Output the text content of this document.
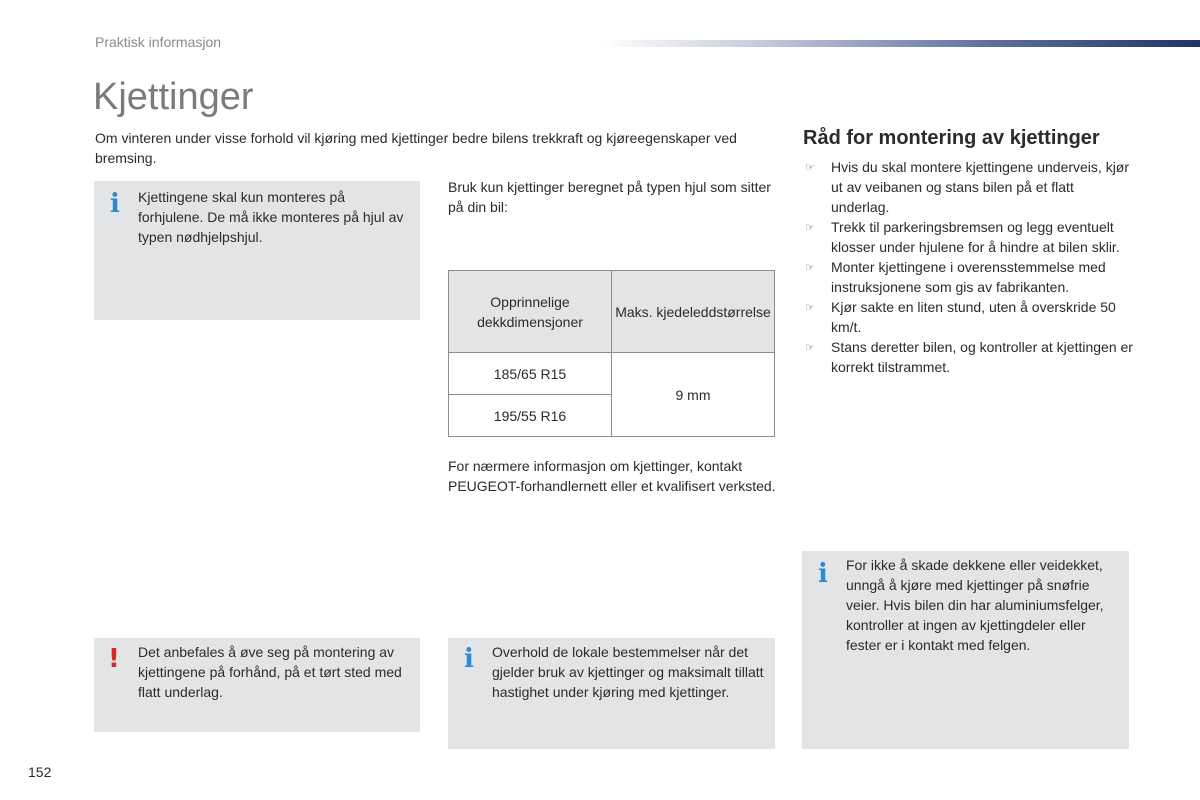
Praktisk informasjon
Kjettinger
Om vinteren under visse forhold vil kjøring med kjettinger bedre bilens trekkraft og kjøreegenskaper ved bremsing.
i Kjettingene skal kun monteres på forhjulene. De må ikke monteres på hjul av typen nødhjelpshjul.
Bruk kun kjettinger beregnet på typen hjul som sitter på din bil:
Opprinnelige dekkdimensjoner	Maks. kjedeleddstørrelse
185/65 R15	9 mm
195/55 R16	
For nærmere informasjon om kjettinger, kontakt PEUGEOT-forhandlernett eller et kvalifisert verksted.
! Det anbefales å øve seg på montering av kjettingene på forhånd, på et tørt sted med flatt underlag.
i Overhold de lokale bestemmelser når det gjelder bruk av kjettinger og maksimalt tillatt hastighet under kjøring med kjettinger.
Råd for montering av kjettinger
☞ Hvis du skal montere kjettingene underveis, kjør ut av veibanen og stans bilen på et flatt underlag.
☞ Trekk til parkeringsbremsen og legg eventuelt klosser under hjulene for å hindre at bilen sklir.
☞ Monter kjettingene i overensstemmelse med instruksjonene som gis av fabrikanten.
☞ Kjør sakte en liten stund, uten å overskride 50 km/t.
☞ Stans deretter bilen, og kontroller at kjettingen er korrekt tilstrammet.
i For ikke å skade dekkene eller veidekket, unngå å kjøre med kjettinger på snøfrie veier. Hvis bilen din har aluminiumsfelger, kontroller at ingen av kjettingdeler eller fester er i kontakt med felgen.
152
